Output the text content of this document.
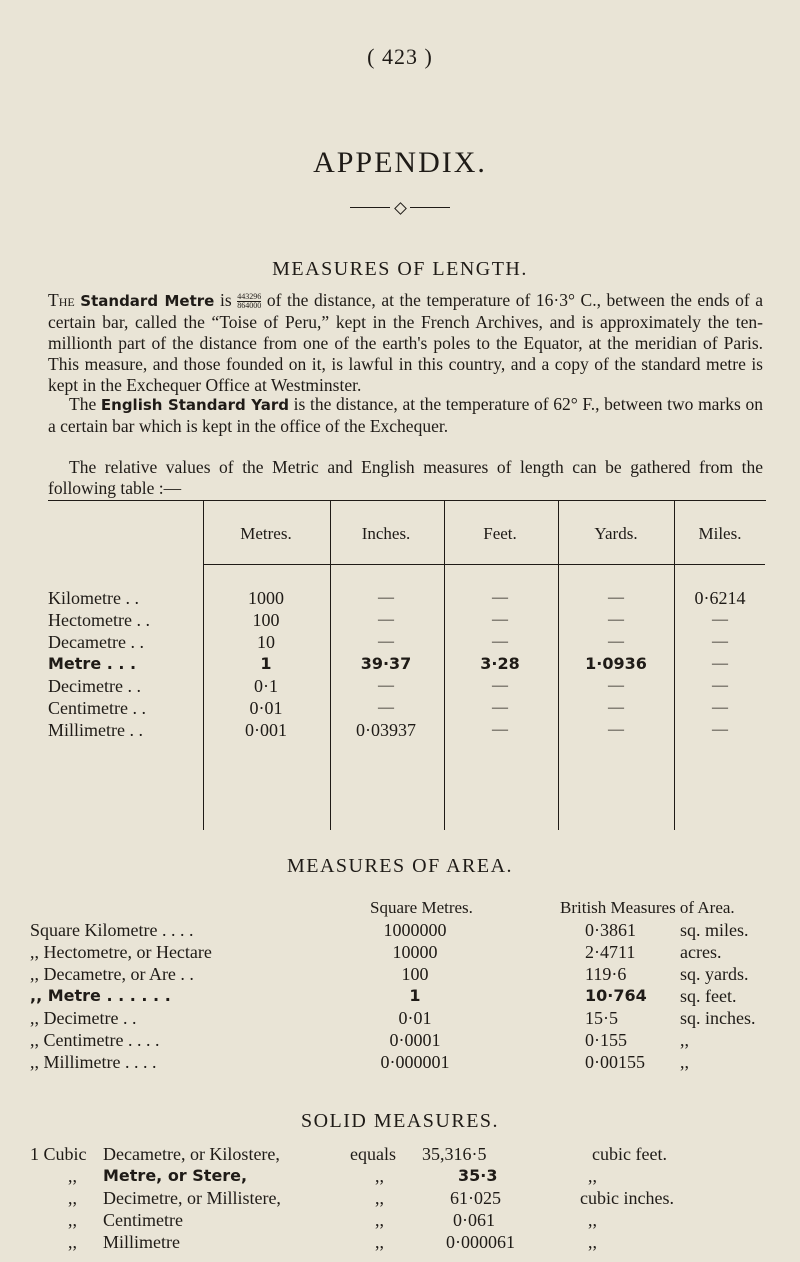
( 423 )
APPENDIX.
MEASURES OF LENGTH.
The Standard Metre is $\frac{443296}{864000}$ of the distance, at the temperature of 16·3° C., between the ends of a certain bar, called the “Toise of Peru,” kept in the French Archives, and is approximately the ten-millionth part of the distance from one of the earth's poles to the Equator, at the meridian of Paris. This measure, and those founded on it, is lawful in this country, and a copy of the standard metre is kept in the Exchequer Office at Westminster.
The English Standard Yard is the distance, at the temperature of 62° F., between two marks on a certain bar which is kept in the office of the Exchequer.
The relative values of the Metric and English measures of length can be gathered from the following table :—
Metres.	Inches.	Feet.	Yards.	Miles.
Kilometre . .	1000	—	—	—	0·6214
Hectometre . .	100	—	—	—	—
Decametre . .	10	—	—	—	—
Metre . . .	1	39·37	3·28	1·0936	—
Decimetre . .	0·1	—	—	—	—
Centimetre . .	0·01	—	—	—	—
Millimetre . .	0·001	0·03937	—	—	—
MEASURES OF AREA.
Square Metres.	British Measures of Area.
Square Kilometre . . . .	1000000	0·3861 sq. miles.
,, Hectometre, or Hectare	10000	2·4711 acres.
,, Decametre, or Are . .	100	119·6	sq. yards.
,, Metre . . . . . .	1	10·764 sq. feet.
,, Decimetre . .	0·01	15·5	sq. inches.
,, Centimetre . . . .	0·0001	0·155	,,
,, Millimetre . . . .	0·000001	0·00155 ,,
SOLID MEASURES.
1 Cubic Decametre, or Kilostere,	equals 35,316·5	cubic feet.
,, Metre, or Stere,	,,	35·3	,,
,, Decimetre, or Millistere,	,,	61·025	cubic inches.
,, Centimetre	,,	0·061	,,
,, Millimetre	,,	0·000061	,,
